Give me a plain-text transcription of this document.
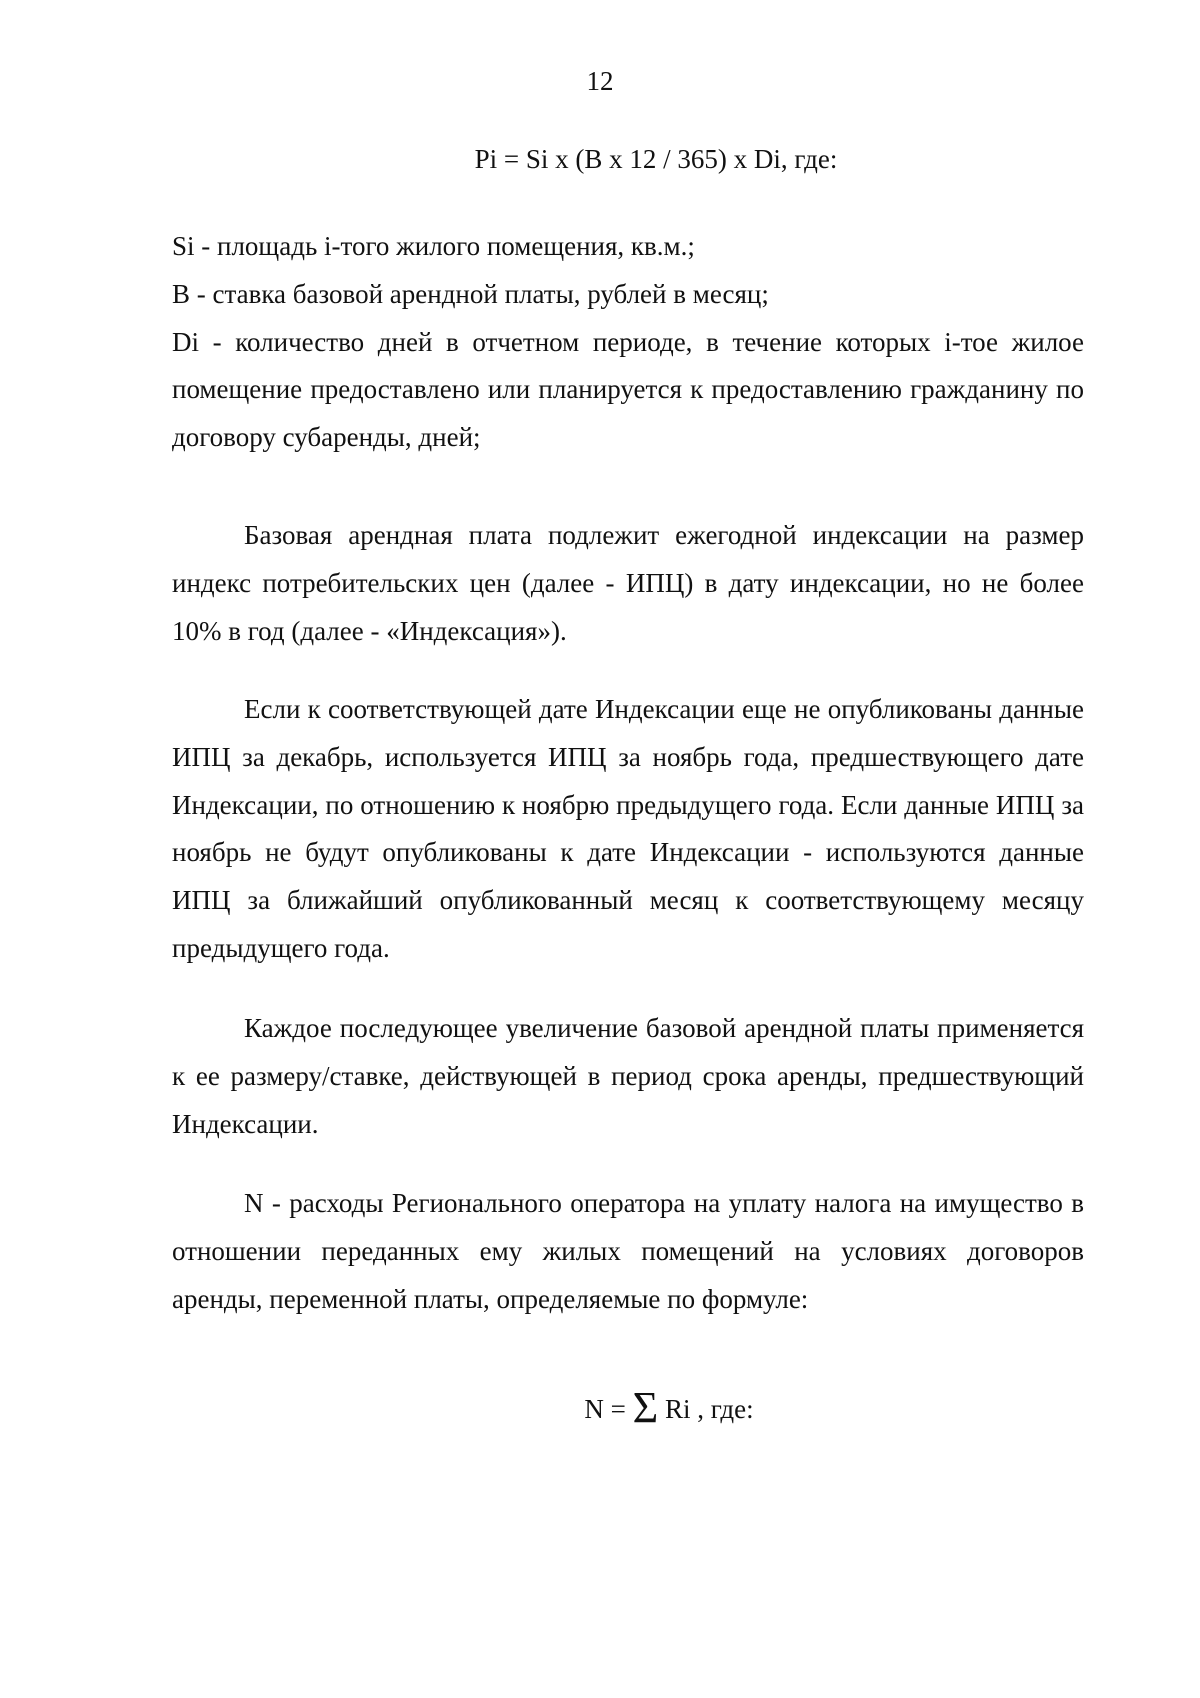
12
Pi = Si x (B x 12 / 365) x Di, где:

Si - площадь i-того жилого помещения, кв.м.;

B - ставка базовой арендной платы, рублей в месяц;

Di - количество дней в отчетном периоде, в течение которых i-тое жилое помещение предоставлено или планируется к предоставлению гражданину по договору субаренды, дней;

Базовая арендная плата подлежит ежегодной индексации на размер индекс потребительских цен (далее - ИПЦ) в дату индексации, но не более 10% в год (далее - «Индексация»).

Если к соответствующей дате Индексации еще не опубликованы данные ИПЦ за декабрь, используется ИПЦ за ноябрь года, предшествующего дате Индексации, по отношению к ноябрю предыдущего года. Если данные ИПЦ за ноябрь не будут опубликованы к дате Индексации - используются данные ИПЦ за ближайший опубликованный месяц к соответствующему месяцу предыдущего года.

Каждое последующее увеличение базовой арендной платы применяется к ее размеру/ставке, действующей в период срока аренды, предшествующий Индексации.

N - расходы Регионального оператора на уплату налога на имущество в отношении переданных ему жилых помещений на условиях договоров аренды, переменной платы, определяемые по формуле:

N = Σ Ri , где:
